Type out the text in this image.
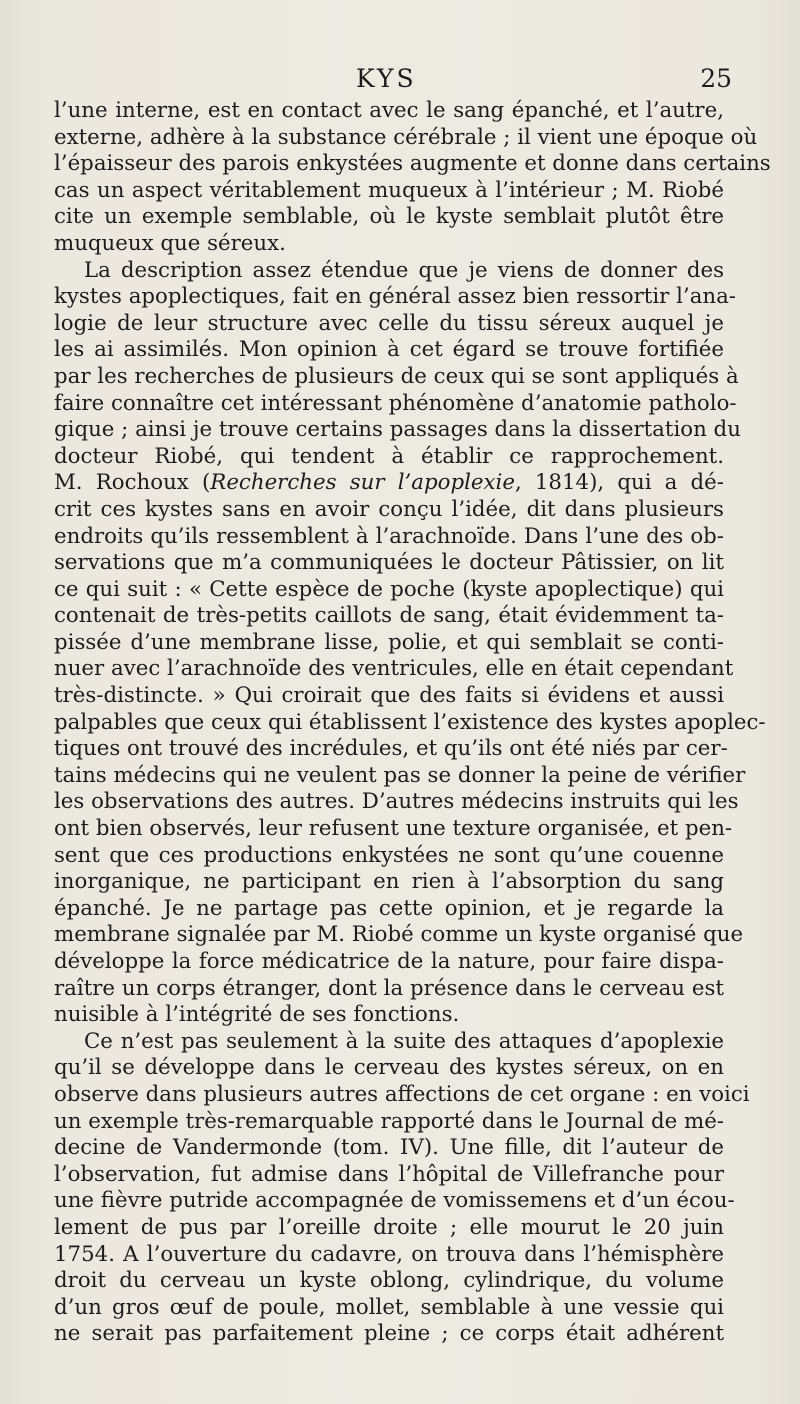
KYS	25
l’une interne, est en contact avec le sang épanché, et l’autre,
externe, adhère à la substance cérébrale ; il vient une époque où
l’épaisseur des parois enkystées augmente et donne dans certains
cas un aspect véritablement muqueux à l’intérieur ; M. Riobé
cite un exemple semblable, où le kyste semblait plutôt être
muqueux que séreux.
La description assez étendue que je viens de donner des
kystes apoplectiques, fait en général assez bien ressortir l’ana-
logie de leur structure avec celle du tissu séreux auquel je
les ai assimilés. Mon opinion à cet égard se trouve fortifiée
par les recherches de plusieurs de ceux qui se sont appliqués à
faire connaître cet intéressant phénomène d’anatomie patholo-
gique ; ainsi je trouve certains passages dans la dissertation du
docteur Riobé, qui tendent à établir ce rapprochement.
M. Rochoux (Recherches sur l’apoplexie, 1814), qui a dé-
crit ces kystes sans en avoir conçu l’idée, dit dans plusieurs
endroits qu’ils ressemblent à l’arachnoïde. Dans l’une des ob-
servations que m’a communiquées le docteur Pâtissier, on lit
ce qui suit : « Cette espèce de poche (kyste apoplectique) qui
contenait de très-petits caillots de sang, était évidemment ta-
pissée d’une membrane lisse, polie, et qui semblait se conti-
nuer avec l’arachnoïde des ventricules, elle en était cependant
très-distincte. » Qui croirait que des faits si évidens et aussi
palpables que ceux qui établissent l’existence des kystes apoplec-
tiques ont trouvé des incrédules, et qu’ils ont été niés par cer-
tains médecins qui ne veulent pas se donner la peine de vérifier
les observations des autres. D’autres médecins instruits qui les
ont bien observés, leur refusent une texture organisée, et pen-
sent que ces productions enkystées ne sont qu’une couenne
inorganique, ne participant en rien à l’absorption du sang
épanché. Je ne partage pas cette opinion, et je regarde la
membrane signalée par M. Riobé comme un kyste organisé que
développe la force médicatrice de la nature, pour faire dispa-
raître un corps étranger, dont la présence dans le cerveau est
nuisible à l’intégrité de ses fonctions.
Ce n’est pas seulement à la suite des attaques d’apoplexie
qu’il se développe dans le cerveau des kystes séreux, on en
observe dans plusieurs autres affections de cet organe : en voici
un exemple très-remarquable rapporté dans le Journal de mé-
decine de Vandermonde (tom. IV). Une fille, dit l’auteur de
l’observation, fut admise dans l’hôpital de Villefranche pour
une fièvre putride accompagnée de vomissemens et d’un écou-
lement de pus par l’oreille droite ; elle mourut le 20 juin
1754. A l’ouverture du cadavre, on trouva dans l’hémisphère
droit du cerveau un kyste oblong, cylindrique, du volume
d’un gros œuf de poule, mollet, semblable à une vessie qui
ne serait pas parfaitement pleine ; ce corps était adhérent
